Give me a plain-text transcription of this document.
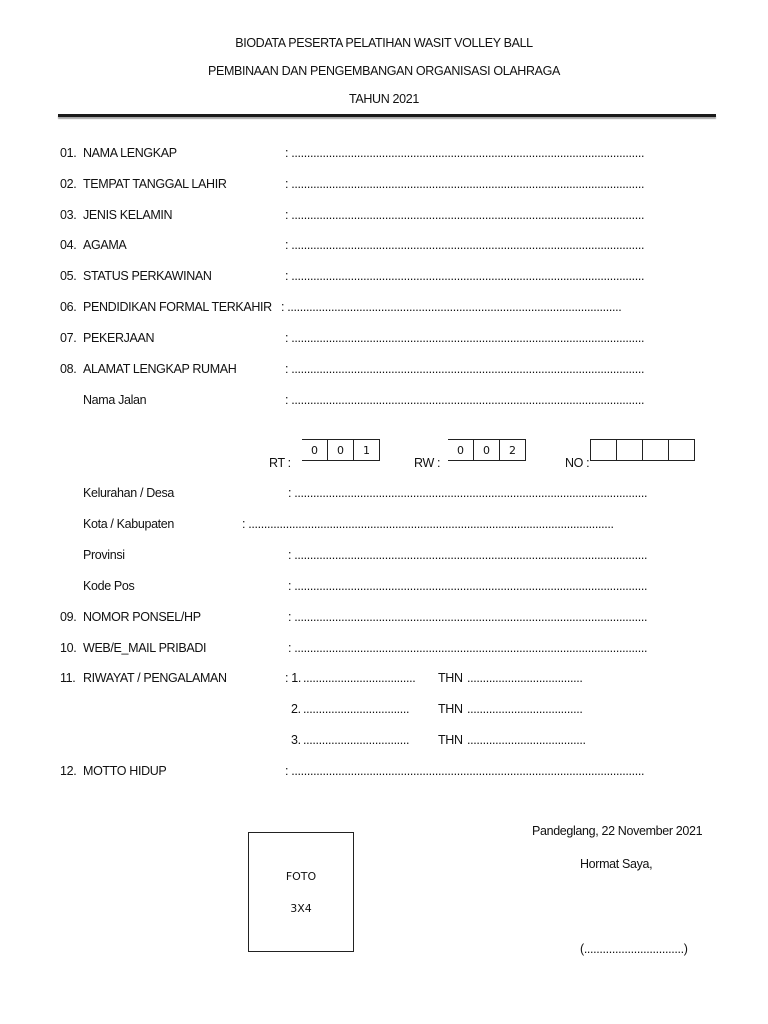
BIODATA PESERTA PELATIHAN WASIT VOLLEY BALL
PEMBINAAN DAN PENGEMBANGAN ORGANISASI OLAHRAGA
TAHUN 2021
01. NAMA LENGKAP	: .................................................................................................................
02. TEMPAT TANGGAL LAHIR	: .................................................................................................................
03. JENIS KELAMIN	: .................................................................................................................
04. AGAMA	: .................................................................................................................
05. STATUS PERKAWINAN	: .................................................................................................................
06. PENDIDIKAN FORMAL TERKAHIR : ...........................................................................................................
07. PEKERJAAN	: .................................................................................................................
08. ALAMAT LENGKAP RUMAH	: .................................................................................................................
Nama Jalan	: .................................................................................................................
RT :
0	0	1
RW :
0	0	2
NO :
Kelurahan / Desa	: .................................................................................................................
Kota / Kabupaten	: .....................................................................................................................
Provinsi	: .................................................................................................................
Kode Pos	: .................................................................................................................
09. NOMOR PONSEL/HP	: .................................................................................................................
10. WEB/E_MAIL PRIBADI	: .................................................................................................................
11. RIWAYAT / PENGALAMAN	: 1. .................................... THN .....................................
2. .................................. THN .....................................
3. .................................. THN ......................................
12. MOTTO HIDUP	: .................................................................................................................
FOTO
3X4
Pandeglang, 22 November 2021
Hormat Saya,
(................................)
